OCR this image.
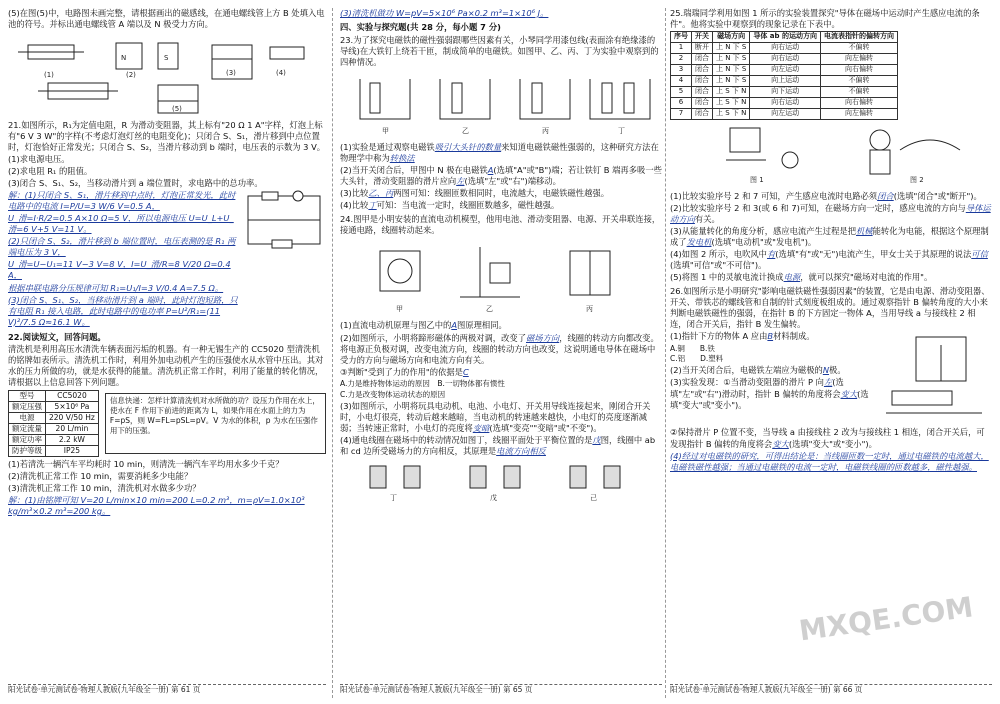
(5)在图(5)中，电路图未画完整，请根据画出的磁感线，在通电螺线管上方 B 处填入电池的符号。并标出通电螺线管 A 端以及 N 极受力方向。

(1)	(2)	(3)	(4)
(5)
N	S

21.如图所示，R₁为定值电阻，R 为滑动变阻器，其上标有"20 Ω 1 A"字样，灯泡上标有"6 V 3 W"的字样(不考虑灯泡灯丝的电阻变化)；只闭合 S、S₁，滑片移到中点位置时，灯泡恰好正常发光；只闭合 S、S₂，当滑片移动到 b 端时，电压表的示数为 3 V。

(1)求电源电压。

(2)求电阻 R₁ 的阻值。

(3)闭合 S、S₁、S₂，当移动滑片到 a 端位置时，求电路中的总功率。

解：(1)只闭合 S、S₁，滑片移到中点时，灯泡正常发光，此时电路中的电流 I=P/U=3 W/6 V=0.5 A，

U_滑=I·R/2=0.5 A×10 Ω=5 V，所以电源电压 U=U_L+U_滑=6 V+5 V=11 V。

(2)只闭合 S、S₂，滑片移到 b 端位置时，电压表测的是 R₁ 两端电压为 3 V，

U_滑=U−U₁=11 V−3 V=8 V，I=U_滑/R=8 V/20 Ω=0.4 A，

根据串联电路分压规律可知 R₁=U₁/I=3 V/0.4 A=7.5 Ω。

(3)闭合 S、S₁、S₂，当移动滑片到 a 端时，此时灯泡短路，只有电阻 R₁ 接入电路，此时电路中的电功率 P=U²/R₁=(11 V)²/7.5 Ω≈16.1 W。

22.阅读短文，回答问题。

清洗机是利用高压水清洗车辆表面污垢的机器。有一种无锡生产的 CC5020 型清洗机的铭牌如表所示。清洗机工作时，利用外加电动机产生的压强使水从水管中压出。其对水的压力所做的功，就是水获得的能量。清洗机正常工作时，利用了能量的转化情况，请根据以上信息回答下列问题。

型号	CC5020
额定压强	5×10⁶ Pa
电源	220 V/50 Hz
额定流量	20 L/min
额定功率	2.2 kW
防护等级	IP25
信息快递：怎样计算清洗机对水所做的功？设压力作用在水上，使水在 F 作用下前进的距离为 L，如果作用在水面上的力为 F=pS，则 W=FL=pSL=pV。V 为水的体积，p 为水在压强作用下的压强。

(1)若清洗一辆汽车平均耗时 10 min，则清洗一辆汽车平均用水多少千克？

(2)清洗机正常工作 10 min，需要消耗多少电能？

(3)清洗机正常工作 10 min，清洗机对水做多少功？

解：(1)由铭牌可知 V=20 L/min×10 min=200 L=0.2 m³，m=ρV=1.0×10³ kg/m³×0.2 m³=200 kg。

(3)清洗机做功 W=pV=5×10⁶ Pa×0.2 m³=1×10⁶ J。

四、实验与探究题(共 28 分，每小题 7 分)

23.为了探究电磁铁的磁性强弱跟哪些因素有关，小琴同学用漆包线(表面涂有绝缘漆的导线)在大铁钉上绕若干匝，制成简单的电磁铁。如图甲、乙、丙、丁为实验中观察到的四种情况。

甲	乙	丙	丁

(1)实验是通过观察电磁铁吸引大头针的数量来知道电磁铁磁性强弱的，这种研究方法在物理学中称为转换法

(2)当开关闭合后，甲图中 N 极在电磁铁A(选填"A"或"B")端；若让铁钉 B 端再多吸一些大头针，滑动变阻器的滑片应向左(选填"左"或"右")端移动。

(3)比较乙、丙两图可知：线圈匝数相同时，电流越大，电磁铁磁性越强。

(4)比较丁可知：当电流一定时，线圈匝数越多，磁性越强。

24.图甲是小明安装的直流电动机模型，他用电池、滑动变阻器、电源、开关串联连接，接通电路，线圈转动起来。

甲	乙	丙

(1)直流电动机原理与图乙中的A图原理相同。

(2)如图所示，小明将蹄形磁体的两极对调，改变了磁场方向，线圈的转动方向都改变。将电源正负极对调，改变电流方向，线圈的转动方向也改变，这说明通电导体在磁场中受力的方向与磁场方向和电流方向有关。

③判断"受到了力的作用"的依据是C

A.力是维持物体运动的原因　 B.一切物体都有惯性

C.力是改变物体运动状态的原因

(3)如图所示，小明将玩具电动机、电池、小电灯、开关用导线连接起来，刚闭合开关时，小电灯很亮，转动后越来越暗，当电动机的转速越来越快，小电灯的亮度逐渐减弱；当转速正常时，小电灯的亮度将变暗(选填"变亮""变暗"或"不变")。

(4)通电线圈在磁场中的转动情况如图丁，线圈平面处于平衡位置的是戊图，线圈中 ab 和 cd 边所受磁场力的方向相反，其原理是电流方向相反

丁	戊	己

25.瑞瑞同学利用如图 1 所示的实验装置探究"导体在磁场中运动时产生感应电流的条件"。他将实验中观察到的现象记录在下表中。

序号	开关	磁场方向	导体 ab 的运动方向	电流表指针的偏转方向
1	断开	上 N 下 S	向右运动	不偏转
2	闭合	上 N 下 S	向右运动	向左偏转
3	闭合	上 N 下 S	向左运动	向右偏转
4	闭合	上 N 下 S	向上运动	不偏转
5	闭合	上 S 下 N	向下运动	不偏转
6	闭合	上 S 下 N	向右运动	向右偏转
7	闭合	上 S 下 N	向左运动	向左偏转
图 1	图 2

(1)比较实验序号 2 和 7 可知，产生感应电流时电路必须闭合(选填"闭合"或"断开")。

(2)比较实验序号 2 和 3(或 6 和 7)可知，在磁场方向一定时，感应电流的方向与导体运动方向有关。

(3)从能量转化的角度分析，感应电流产生过程是把机械能转化为电能，根据这个原理制成了发电机(选填"电动机"或"发电机")。

(4)如图 2 所示，电吹风中有(选填"有"或"无")电流产生，甲女士关于其原理的说法可信(选填"可信"或"不可信")。

(5)将图 1 中的灵敏电流计换成电源，就可以探究"磁场对电流的作用"。

26.如图所示是小明研究"影响电磁铁磁性强弱因素"的装置，它是由电源、滑动变阻器、开关、带铁芯的螺线管和自制的针式刻度板组成的。通过观察指针 B 偏转角度的大小来判断电磁铁磁性的强弱，在指针 B 的下方固定一物体 A，当用导线 a 与接线柱 2 相连，闭合开关后，指针 B 发生偏转。

(1)指针下方的物体 A 应由B材料制成。

A.铜　　 B.铁

C.铝　　 D.塑料

(2)当开关闭合后，电磁铁左端应为磁极的N极。

(3)实验发现：①当滑动变阻器的滑片 P 向左(选填"左"或"右")滑动时，指针 B 偏转的角度将会变大(选填"变大"或"变小")。

②保持滑片 P 位置不变，当导线 a 由接线柱 2 改为与接线柱 1 相连，闭合开关后，可发现指针 B 偏转的角度将会变大(选填"变大"或"变小")。

(4)经过对电磁铁的研究，可得出结论是：当线圈匝数一定时，通过电磁铁的电流越大，电磁铁磁性越强；当通过电磁铁的电流一定时，电磁铁线圈的匝数越多，磁性越强。

MXQE.COM
阳光试卷·单元测试卷·物理人教版(九年级全一册) 第 61 页	阳光试卷·单元测试卷·物理人教版(九年级全一册) 第 65 页	阳光试卷·单元测试卷·物理人教版(九年级全一册) 第 66 页
